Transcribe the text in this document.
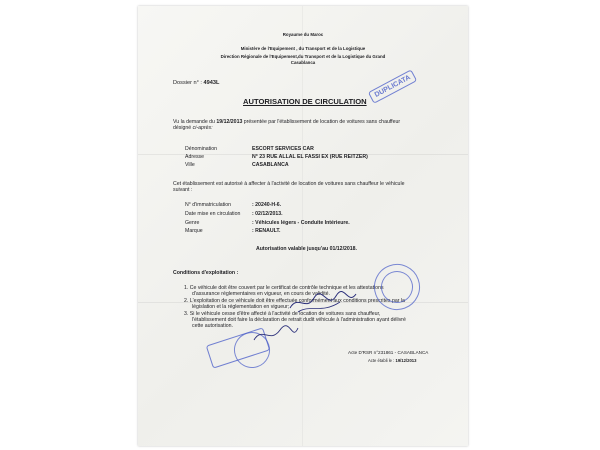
Royaume du Maroc
Ministère de l'Equipement , du Transport et de la Logistique
Direction Régionale de l'Equipement,du Transport et de la Logistique du Grand
Casablanca
Dossier n° : 4943L	DUPLICATA
AUTORISATION DE CIRCULATION
Vu la demande du 19/12/2013 présentée par l'établissement de location de voitures sans chauffeur
désigné ci-après:
Dénomination	ESCORT SERVICES CAR
Adresse	N° 23 RUE ALLAL EL FASSI EX (RUE REITZER)
Ville	CASABLANCA
Cet établissement est autorisé à affecter à l'activité de location de voitures sans chauffeur le véhicule
suivant :
N° d'immatriculation	: 20240-H-6.
Date mise en circulation : 02/12/2013.
Genre	: Véhicules légers - Conduite Intérieure.
Marque	: RENAULT.
Autorisation valable jusqu'au 01/12/2018.
Conditions d'exploitation :
1. Ce véhicule doit être couvert par le certificat de contrôle technique et les attestations
d'assurance réglementaires en vigueur, en cours de validité.
2. L'exploitation de ce véhicule doit être effectuée conformément aux conditions prescrites par la
législation et la réglementation en vigueur;
3. Si le véhicule cesse d'être affecté à l'activité de location de voitures sans chauffeur,
l'établissement doit faire la déclaration de retrait dudit véhicule à l'administration ayant délivré
cette autorisation.
Acte D'RSR n°231861 - CASABLANCA
Acte établi le : 19/12/2013
